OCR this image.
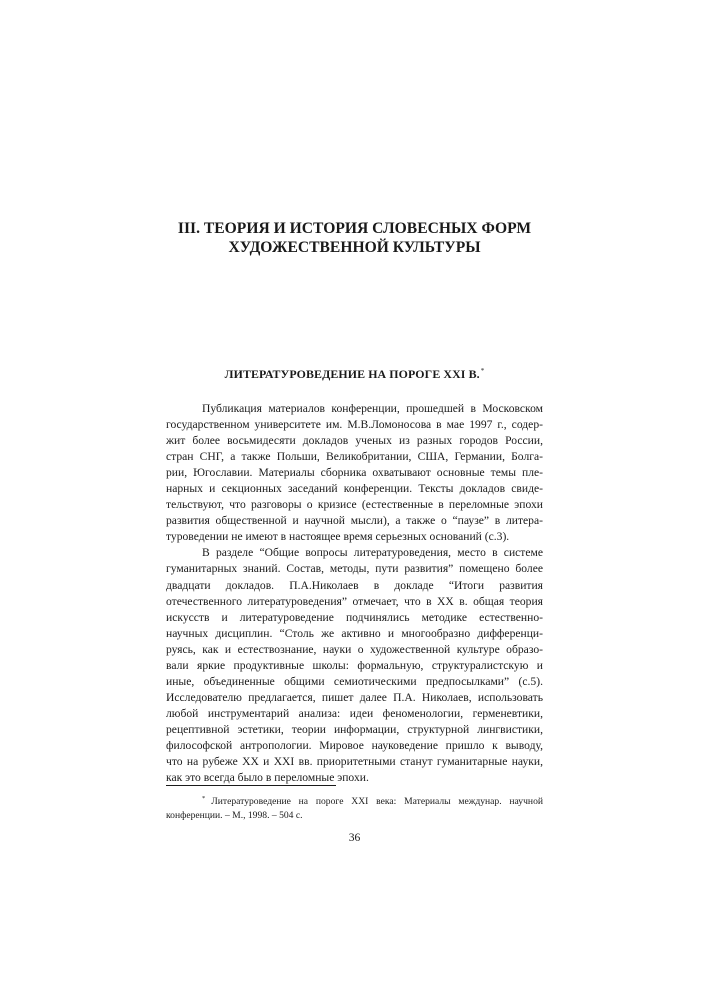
III. ТЕОРИЯ И ИСТОРИЯ СЛОВЕСНЫХ ФОРМ
ХУДОЖЕСТВЕННОЙ КУЛЬТУРЫ
ЛИТЕРАТУРОВЕДЕНИЕ НА ПОРОГЕ XXI В.*
Публикация материалов конференции, прошедшей в Московском
государственном университете им. М.В.Ломоносова в мае 1997 г., содер-
жит более восьмидесяти докладов ученых из разных городов России,
стран СНГ, а также Польши, Великобритании, США, Германии, Болга-
рии, Югославии. Материалы сборника охватывают основные темы пле-
нарных и секционных заседаний конференции. Тексты докладов свиде-
тельствуют, что разговоры о кризисе (естественные в переломные эпохи
развития общественной и научной мысли), а также о “паузе” в литера-
туроведении не имеют в настоящее время серьезных оснований (с.3).
В разделе “Общие вопросы литературоведения, место в системе
гуманитарных знаний. Состав, методы, пути развития” помещено более
двадцати докладов. П.А.Николаев в докладе “Итоги развития
отечественного литературоведения” отмечает, что в XX в. общая теория
искусств и литературоведение подчинялись методике естественно-
научных дисциплин. “Столь же активно и многообразно дифференци-
руясь, как и естествознание, науки о художественной культуре образо-
вали яркие продуктивные школы: формальную, структуралистскую и
иные, объединенные общими семиотическими предпосылками” (с.5).
Исследователю предлагается, пишет далее П.А. Николаев, использовать
любой инструментарий анализа: идеи феноменологии, герменевтики,
рецептивной эстетики, теории информации, структурной лингвистики,
философской антропологии. Мировое науковедение пришло к выводу,
что на рубеже XX и XXI вв. приоритетными станут гуманитарные науки,
как это всегда было в переломные эпохи.
* Литературоведение на пороге XXI века: Материалы междунар. научной
конференции. – М., 1998. – 504 с.
36
